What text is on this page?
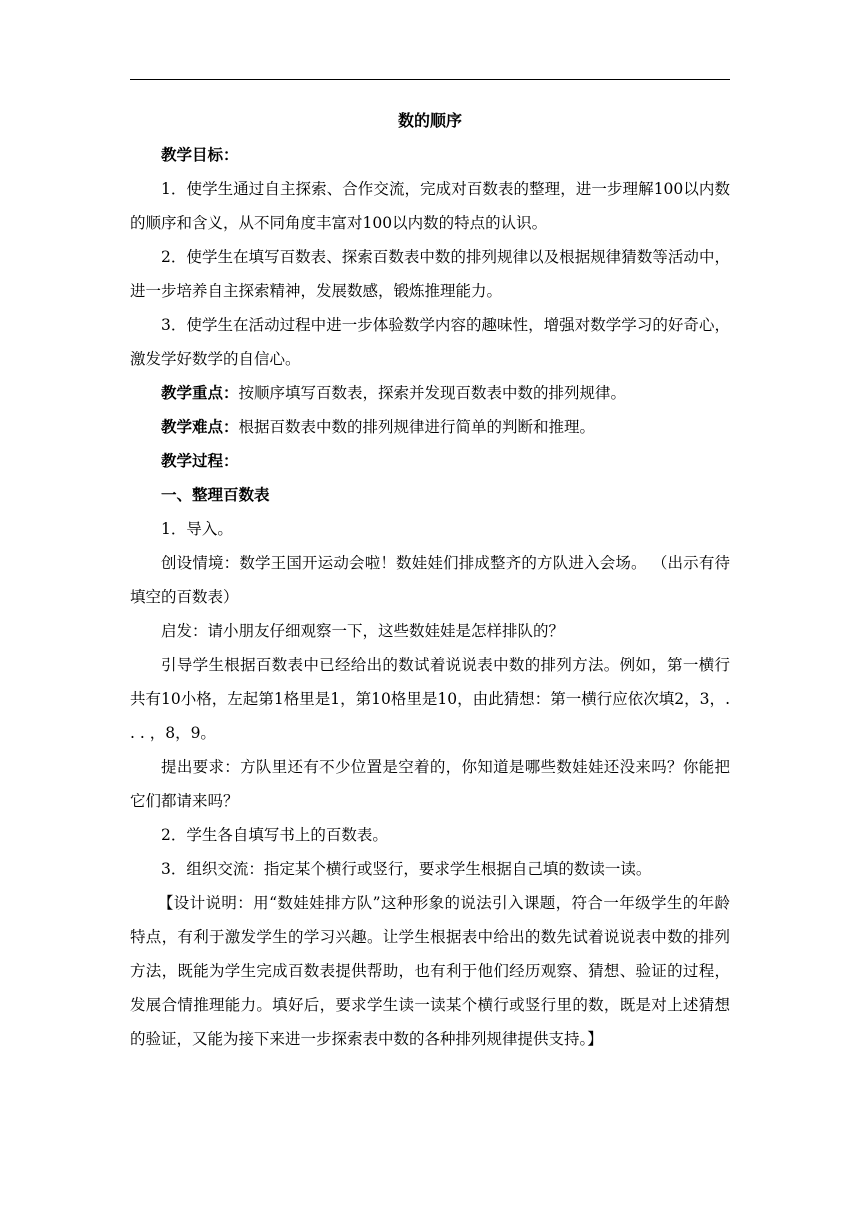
数的顺序

教学目标：

1．使学生通过自主探索、合作交流，完成对百数表的整理，进一步理解100以内数的顺序和含义，从不同角度丰富对100以内数的特点的认识。

2．使学生在填写百数表、探索百数表中数的排列规律以及根据规律猜数等活动中，进一步培养自主探索精神，发展数感，锻炼推理能力。

3．使学生在活动过程中进一步体验数学内容的趣味性，增强对数学学习的好奇心，激发学好数学的自信心。

教学重点：按顺序填写百数表，探索并发现百数表中数的排列规律。

教学难点：根据百数表中数的排列规律进行简单的判断和推理。

教学过程：

一、整理百数表

1．导入。

创设情境：数学王国开运动会啦！数娃娃们排成整齐的方队进入会场。 （出示有待填空的百数表）

启发：请小朋友仔细观察一下，这些数娃娃是怎样排队的？

引导学生根据百数表中已经给出的数试着说说表中数的排列方法。例如，第一横行共有10小格，左起第1格里是1，第10格里是10，由此猜想：第一横行应依次填2，3，. . . ，8，9。

提出要求：方队里还有不少位置是空着的，你知道是哪些数娃娃还没来吗？你能把它们都请来吗？

2．学生各自填写书上的百数表。

3．组织交流：指定某个横行或竖行，要求学生根据自己填的数读一读。

【设计说明：用“数娃娃排方队”这种形象的说法引入课题，符合一年级学生的年龄特点，有利于激发学生的学习兴趣。让学生根据表中给出的数先试着说说表中数的排列方法，既能为学生完成百数表提供帮助，也有利于他们经历观察、猜想、验证的过程，发展合情推理能力。填好后，要求学生读一读某个横行或竖行里的数，既是对上述猜想的验证，又能为接下来进一步探索表中数的各种排列规律提供支持。】
